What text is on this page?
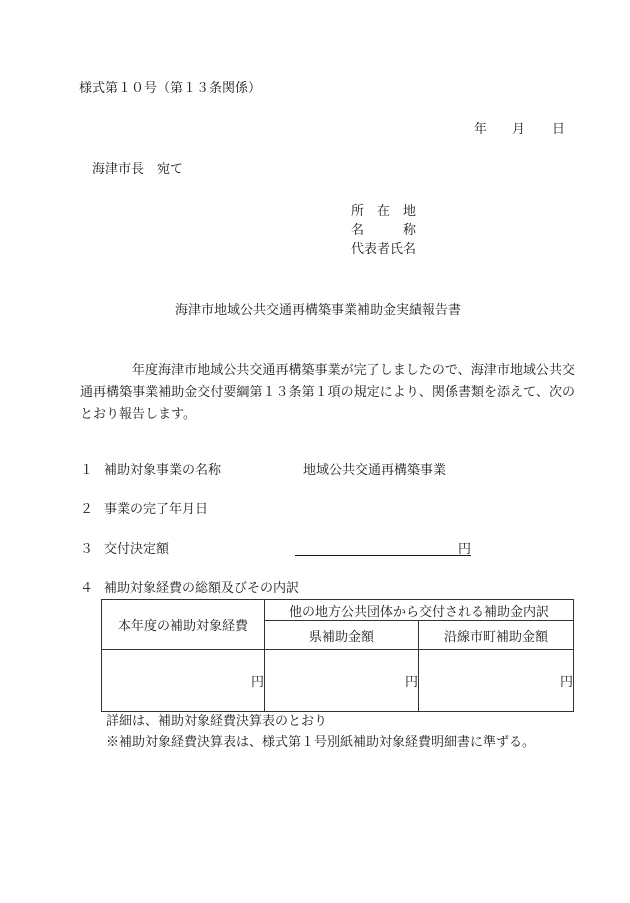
様式第１０号（第１３条関係）
年 月 日
海津市長　宛て
所　在　地
名　　　称
代表者氏名
海津市地域公共交通再構築事業補助金実績報告書
年度海津市地域公共交通再構築事業が完了しましたので、海津市地域公共交通再構築事業補助金交付要綱第１３条第１項の規定により、関係書類を添えて、次のとおり報告します。
１ 補助対象事業の名称	地域公共交通再構築事業
２ 事業の完了年月日
３ 交付決定額	円
４ 補助対象経費の総額及びその内訳
本年度の補助対象経費	他の地方公共団体から交付される補助金内訳	
	県補助金額	沿線市町補助金額
円	円	円
詳細は、補助対象経費決算表のとおり
※補助対象経費決算表は、様式第１号別紙補助対象経費明細書に準ずる。
